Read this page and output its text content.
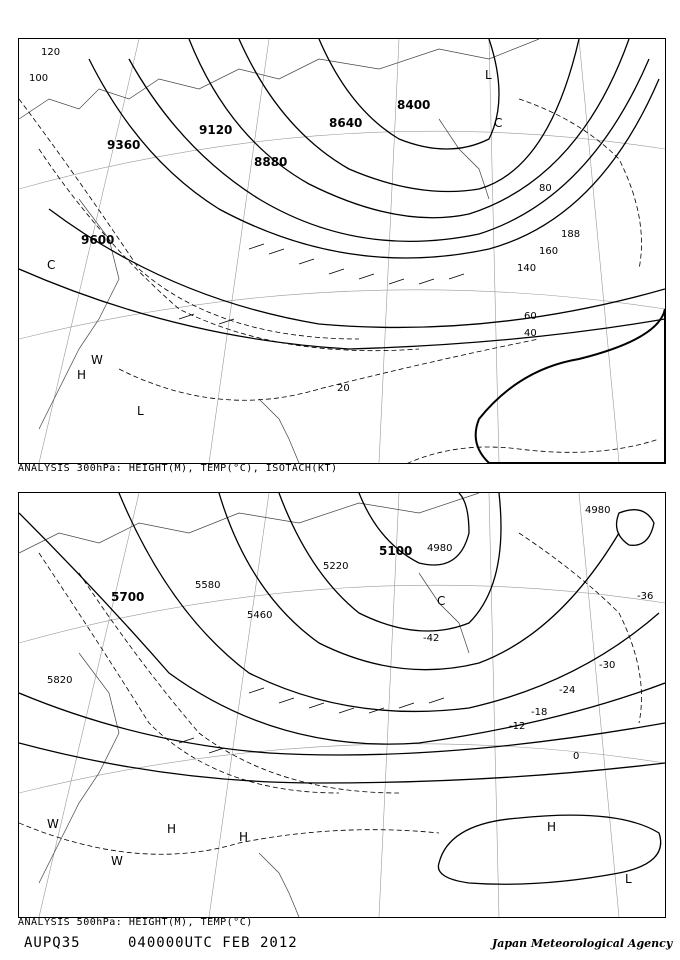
9360
9120
8880
8640
8400
9600
120
100
80
60
40
20
160
188
140
H
L
L
C
C
W
ANALYSIS 300hPa: HEIGHT(M), TEMP(°C), ISOTACH(KT)
5700
5580
5460
5820
5220
5100 4980
4980
-42
-36
-30
-24
-18
-12
0
H
H
H
L
C
W
W
ANALYSIS 500hPa: HEIGHT(M), TEMP(°C)
AUPQ35	040000UTC FEB 2012	Japan Meteorological Agency
